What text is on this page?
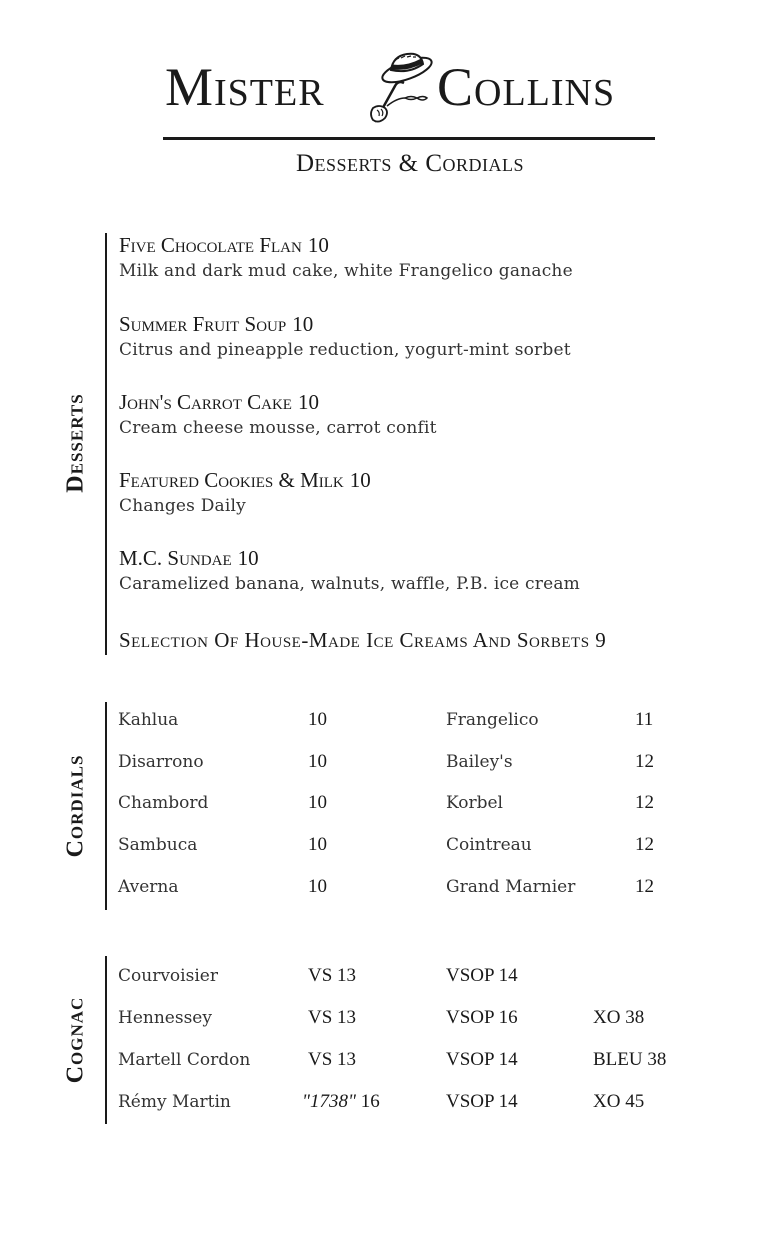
Mister Collins
Desserts & Cordials
Desserts
Five Chocolate Flan 10
Milk and dark mud cake, white Frangelico ganache
Summer Fruit Soup 10
Citrus and pineapple reduction, yogurt-mint sorbet
John's Carrot Cake 10
Cream cheese mousse, carrot confit
Featured Cookies & Milk 10
Changes Daily
M.C. Sundae 10
Caramelized banana, walnuts, waffle, P.B. ice cream
Selection Of House-Made Ice Creams And Sorbets 9
Cordials
Kahlua	10	Frangelico	11
Disarrono	10	Bailey's	12
Chambord	10	Korbel	12
Sambuca	10	Cointreau	12
Averna	10	Grand Marnier	12
Cognac
Courvoisier	VS 13	VSOP 14
Hennessey	VS 13	VSOP 16	XO 38
Martell Cordon	VS 13	VSOP 14	BLEU 38
Rémy Martin	"1738" 16	VSOP 14	XO 45
